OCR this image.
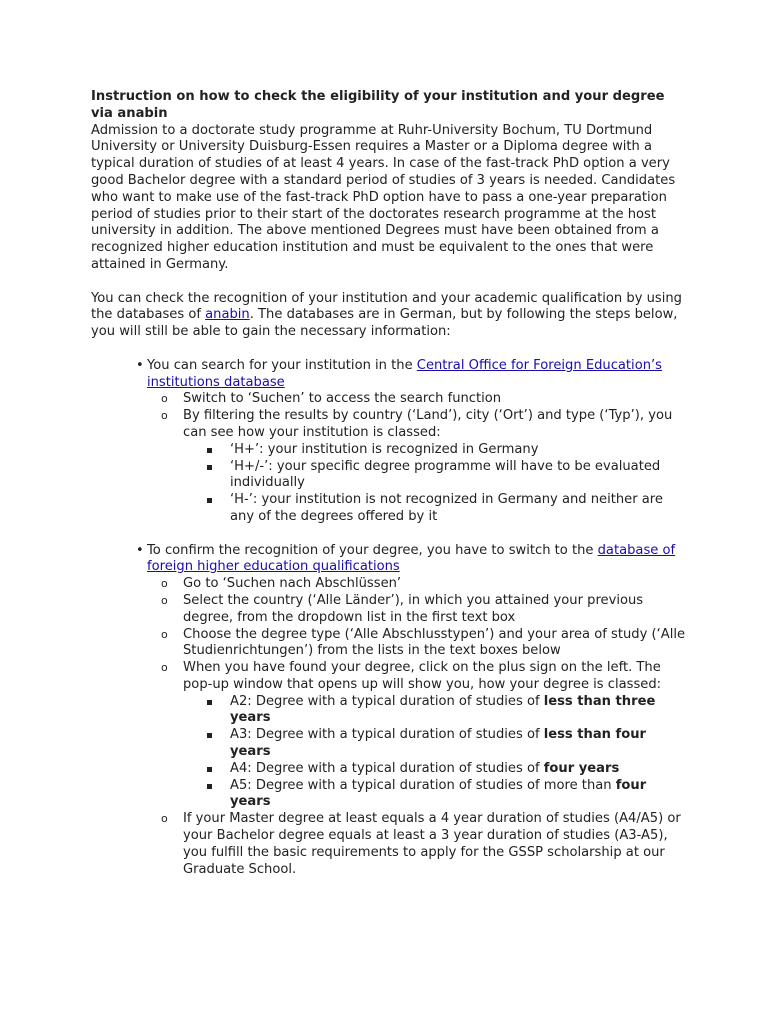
Instruction on how to check the eligibility of your institution and your degree via anabin
Admission to a doctorate study programme at Ruhr-University Bochum, TU Dortmund University or University Duisburg-Essen requires a Master or a Diploma degree with a typical duration of studies of at least 4 years. In case of the fast-track PhD option a very good Bachelor degree with a standard period of studies of 3 years is needed. Candidates who want to make use of the fast-track PhD option have to pass a one-year preparation period of studies prior to their start of the doctorates research programme at the host university in addition. The above mentioned Degrees must have been obtained from a recognized higher education institution and must be equivalent to the ones that were attained in Germany.

You can check the recognition of your institution and your academic qualification by using the databases of anabin. The databases are in German, but by following the steps below, you will still be able to gain the necessary information:

• You can search for your institution in the Central Office for Foreign Education’s institutions database
o Switch to ‘Suchen’ to access the search function
o By filtering the results by country (‘Land’), city (‘Ort’) and type (‘Typ’), you can see how your institution is classed:
‘H+’: your institution is recognized in Germany
‘H+/-’: your specific degree programme will have to be evaluated individually
‘H-’: your institution is not recognized in Germany and neither are any of the degrees offered by it
• To confirm the recognition of your degree, you have to switch to the database of foreign higher education qualifications
o Go to ‘Suchen nach Abschlüssen’
o Select the country (‘Alle Länder’), in which you attained your previous degree, from the dropdown list in the first text box
o Choose the degree type (‘Alle Abschlusstypen’) and your area of study (‘Alle Studienrichtungen’) from the lists in the text boxes below
o When you have found your degree, click on the plus sign on the left. The pop-up window that opens up will show you, how your degree is classed:
A2: Degree with a typical duration of studies of less than three years
A3: Degree with a typical duration of studies of less than four years
A4: Degree with a typical duration of studies of four years
A5: Degree with a typical duration of studies of more than four years
o If your Master degree at least equals a 4 year duration of studies (A4/A5) or your Bachelor degree equals at least a 3 year duration of studies (A3-A5), you fulfill the basic requirements to apply for the GSSP scholarship at our Graduate School.
